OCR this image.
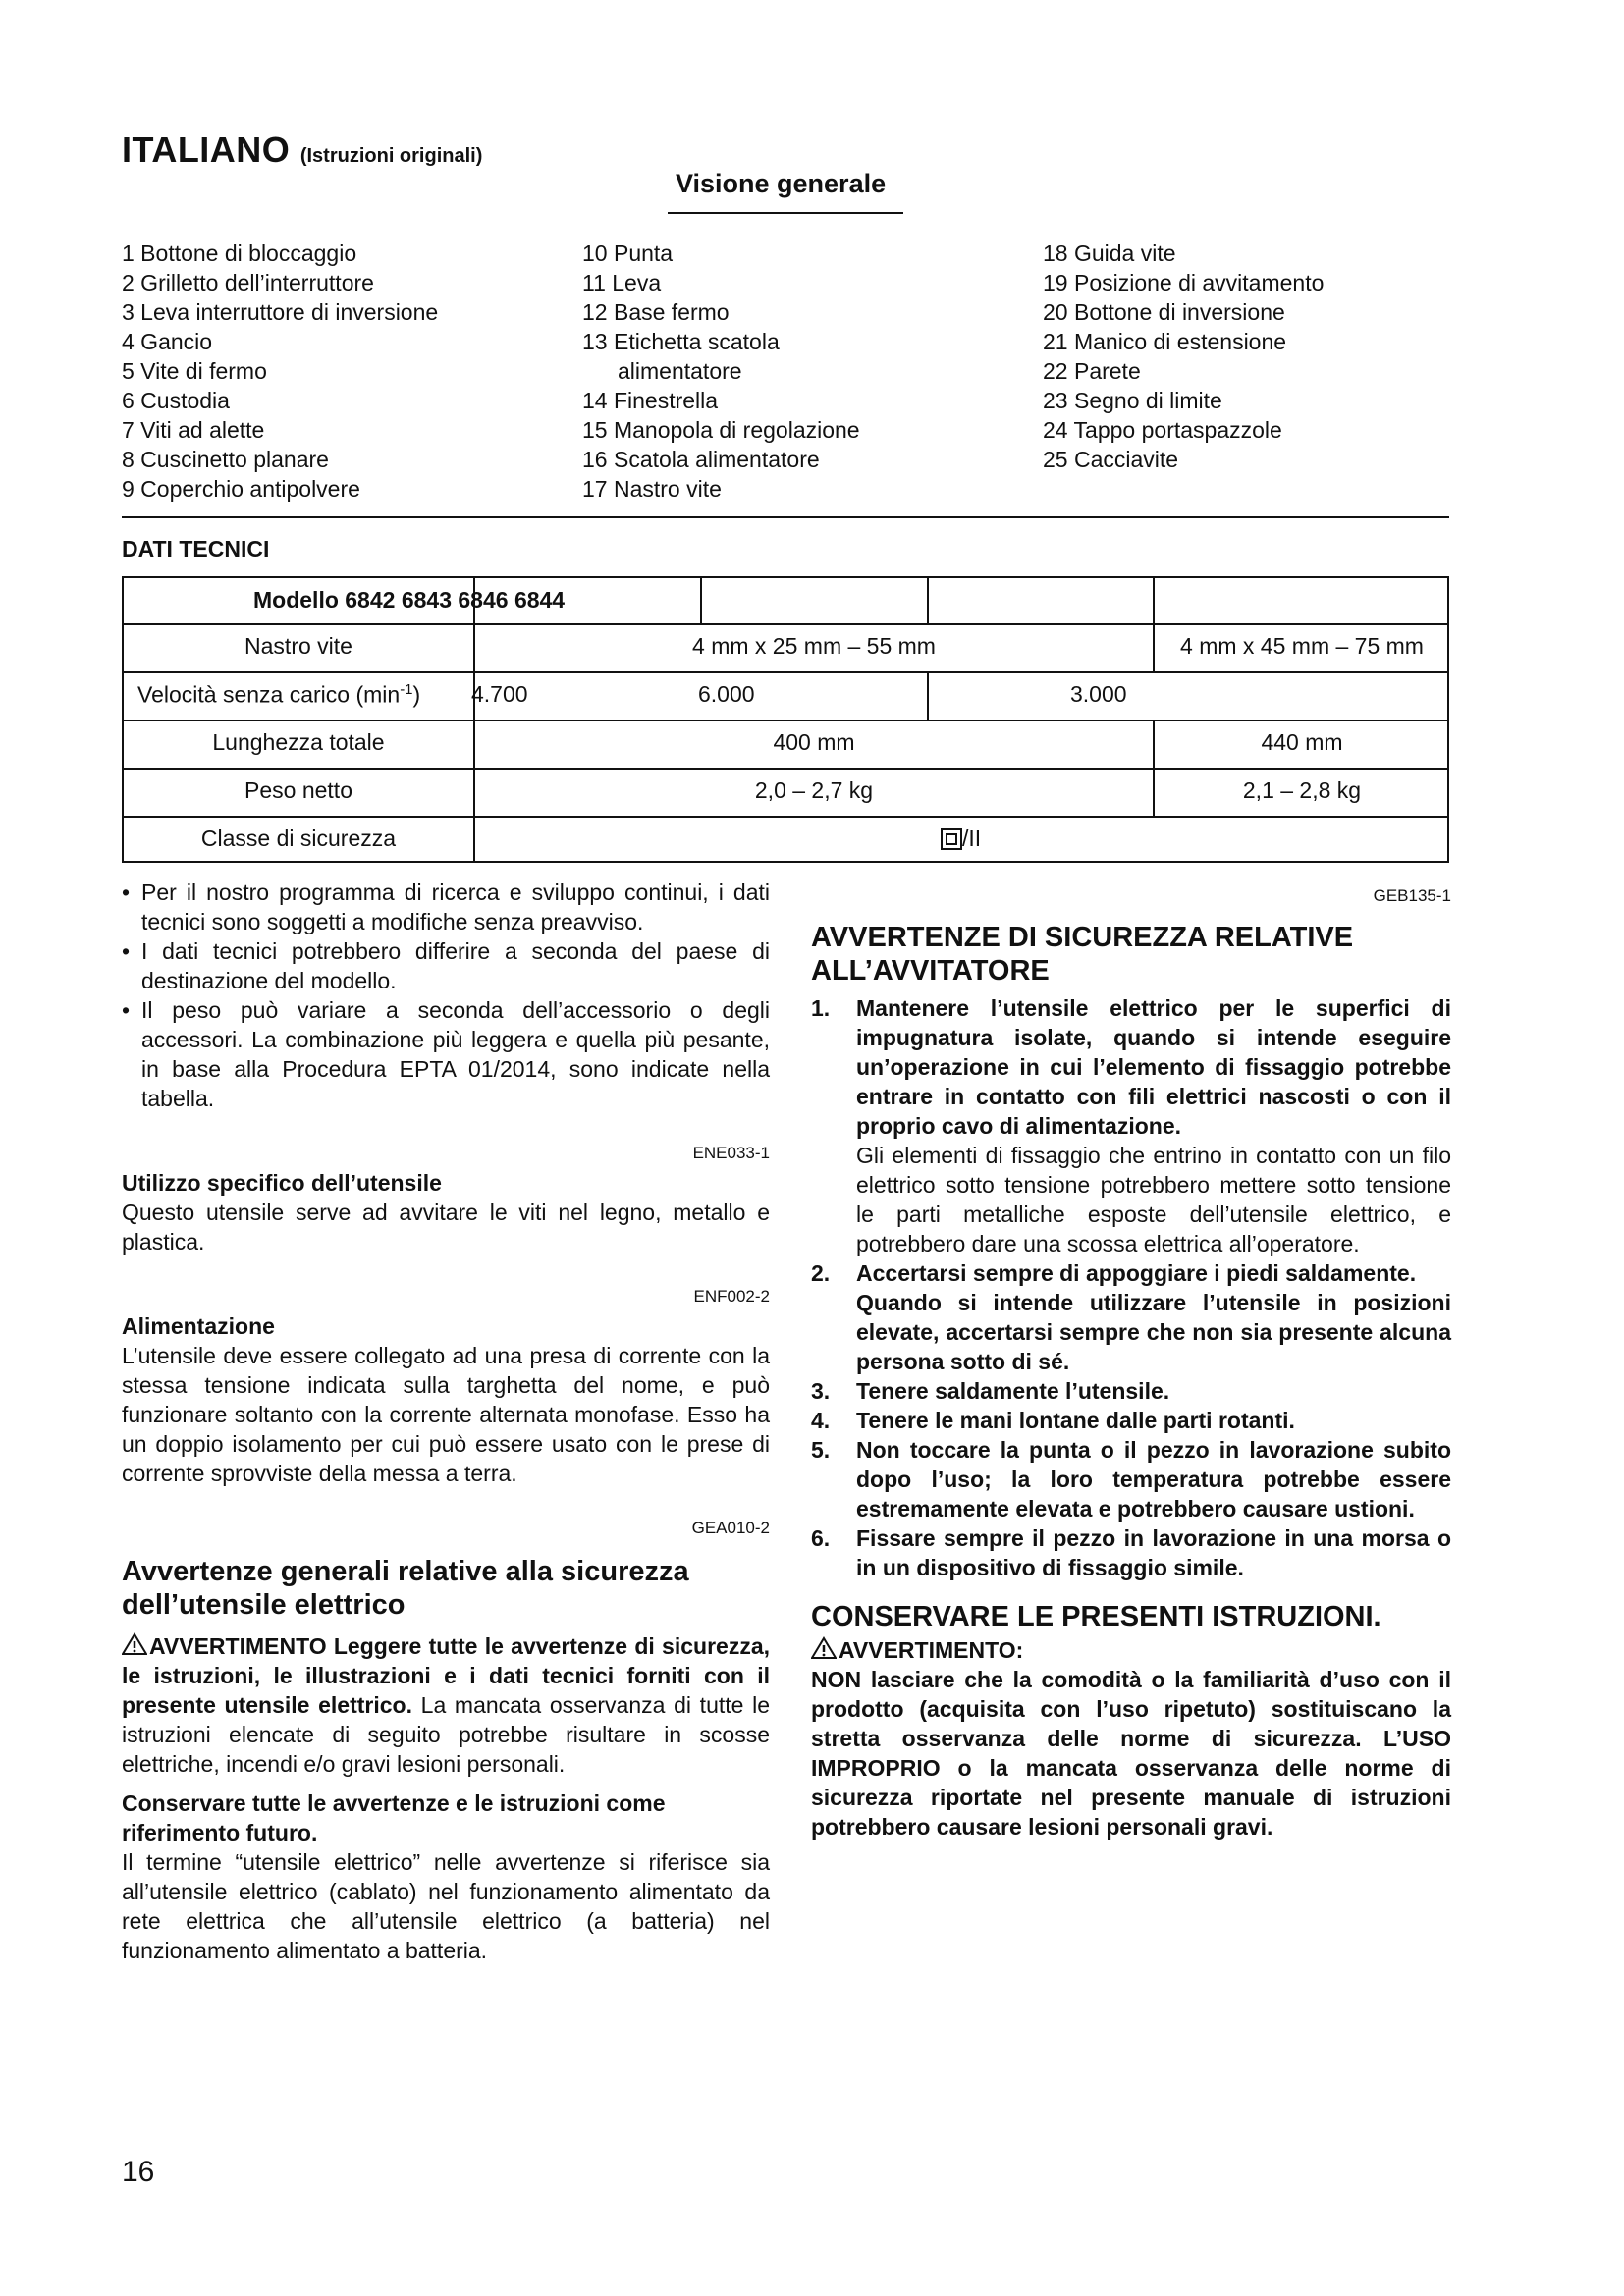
ITALIANO (Istruzioni originali)
Visione generale
1 Bottone di bloccaggio
2 Grilletto dell’interruttore
3 Leva interruttore di inversione
4 Gancio
5 Vite di fermo
6 Custodia
7 Viti ad alette
8 Cuscinetto planare
9 Coperchio antipolvere
10 Punta
11 Leva
12 Base fermo
13 Etichetta scatola
alimentatore
14 Finestrella
15 Manopola di regolazione
16 Scatola alimentatore
17 Nastro vite
18 Guida vite
19 Posizione di avvitamento
20 Bottone di inversione
21 Manico di estensione
22 Parete
23 Segno di limite
24 Tappo portaspazzole
25 Cacciavite
DATI TECNICI
Modello 6842 6843 6846 6844
Nastro vite	4 mm x 25 mm – 55 mm	4 mm x 45 mm – 75 mm
Velocità senza carico $(\min^{-1})$ 4.700	6.000	3.000
Lunghezza totale	400 mm	440 mm
Peso netto	2,0 – 2,7 kg	2,1 – 2,8 kg
Classe di sicurezza	/II
• Per il nostro programma di ricerca e sviluppo continui, i dati tecnici sono soggetti a modifiche senza preavviso.
• I dati tecnici potrebbero differire a seconda del paese di destinazione del modello.
• Il peso può variare a seconda dell’accessorio o degli accessori. La combinazione più leggera e quella più pesante, in base alla Procedura EPTA 01/2014, sono indicate nella tabella.
ENE033-1
Utilizzo specifico dell’utensile
Questo utensile serve ad avvitare le viti nel legno, metallo e plastica.
ENF002-2
Alimentazione
L’utensile deve essere collegato ad una presa di corrente con la stessa tensione indicata sulla targhetta del nome, e può funzionare soltanto con la corrente alternata monofase. Esso ha un doppio isolamento per cui può essere usato con le prese di corrente sprovviste della messa a terra.
GEA010-2
Avvertenze generali relative alla sicurezza dell’utensile elettrico
AVVERTIMENTO Leggere tutte le avvertenze di sicurezza, le istruzioni, le illustrazioni e i dati tecnici forniti con il presente utensile elettrico. La mancata osservanza di tutte le istruzioni elencate di seguito potrebbe risultare in scosse elettriche, incendi e/o gravi lesioni personali.
Conservare tutte le avvertenze e le istruzioni come riferimento futuro.
Il termine “utensile elettrico” nelle avvertenze si riferisce sia all’utensile elettrico (cablato) nel funzionamento alimentato da rete elettrica che all’utensile elettrico (a batteria) nel funzionamento alimentato a batteria.
GEB135-1
AVVERTENZE DI SICUREZZA RELATIVE ALL’AVVITATORE
1. Mantenere l’utensile elettrico per le superfici di impugnatura isolate, quando si intende eseguire un’operazione in cui l’elemento di fissaggio potrebbe entrare in contatto con fili elettrici nascosti o con il proprio cavo di alimentazione.
Gli elementi di fissaggio che entrino in contatto con un filo elettrico sotto tensione potrebbero mettere sotto tensione le parti metalliche esposte dell’utensile elettrico, e potrebbero dare una scossa elettrica all’operatore.
2. Accertarsi sempre di appoggiare i piedi saldamente.
Quando si intende utilizzare l’utensile in posizioni elevate, accertarsi sempre che non sia presente alcuna persona sotto di sé.
3. Tenere saldamente l’utensile.
4. Tenere le mani lontane dalle parti rotanti.
5. Non toccare la punta o il pezzo in lavorazione subito dopo l’uso; la loro temperatura potrebbe essere estremamente elevata e potrebbero causare ustioni.
6. Fissare sempre il pezzo in lavorazione in una morsa o in un dispositivo di fissaggio simile.
CONSERVARE LE PRESENTI ISTRUZIONI.
AVVERTIMENTO:
NON lasciare che la comodità o la familiarità d’uso con il prodotto (acquisita con l’uso ripetuto) sostituiscano la stretta osservanza delle norme di sicurezza. L’USO IMPROPRIO o la mancata osservanza delle norme di sicurezza riportate nel presente manuale di istruzioni potrebbero causare lesioni personali gravi.
16
